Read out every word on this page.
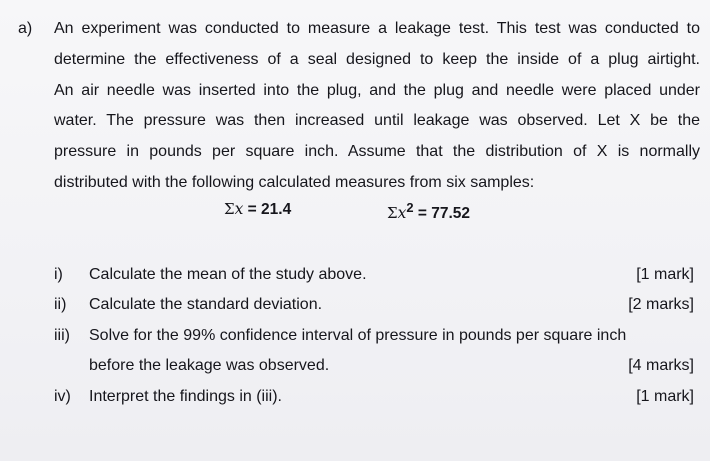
a) An experiment was conducted to measure a leakage test. This test was conducted to
determine the effectiveness of a seal designed to keep the inside of a plug airtight.
An air needle was inserted into the plug, and the plug and needle were placed under
water. The pressure was then increased until leakage was observed. Let X be the
pressure in pounds per square inch. Assume that the distribution of X is normally
distributed with the following calculated measures from six samples:
Σx = 21.4	$\Sigma x^2 = 77.52$
i) Calculate the mean of the study above.	[1 mark]
ii) Calculate the standard deviation.	[2 marks]
iii) Solve for the 99% confidence interval of pressure in pounds per square inch
before the leakage was observed.	[4 marks]
iv) Interpret the findings in (iii).	[1 mark]
